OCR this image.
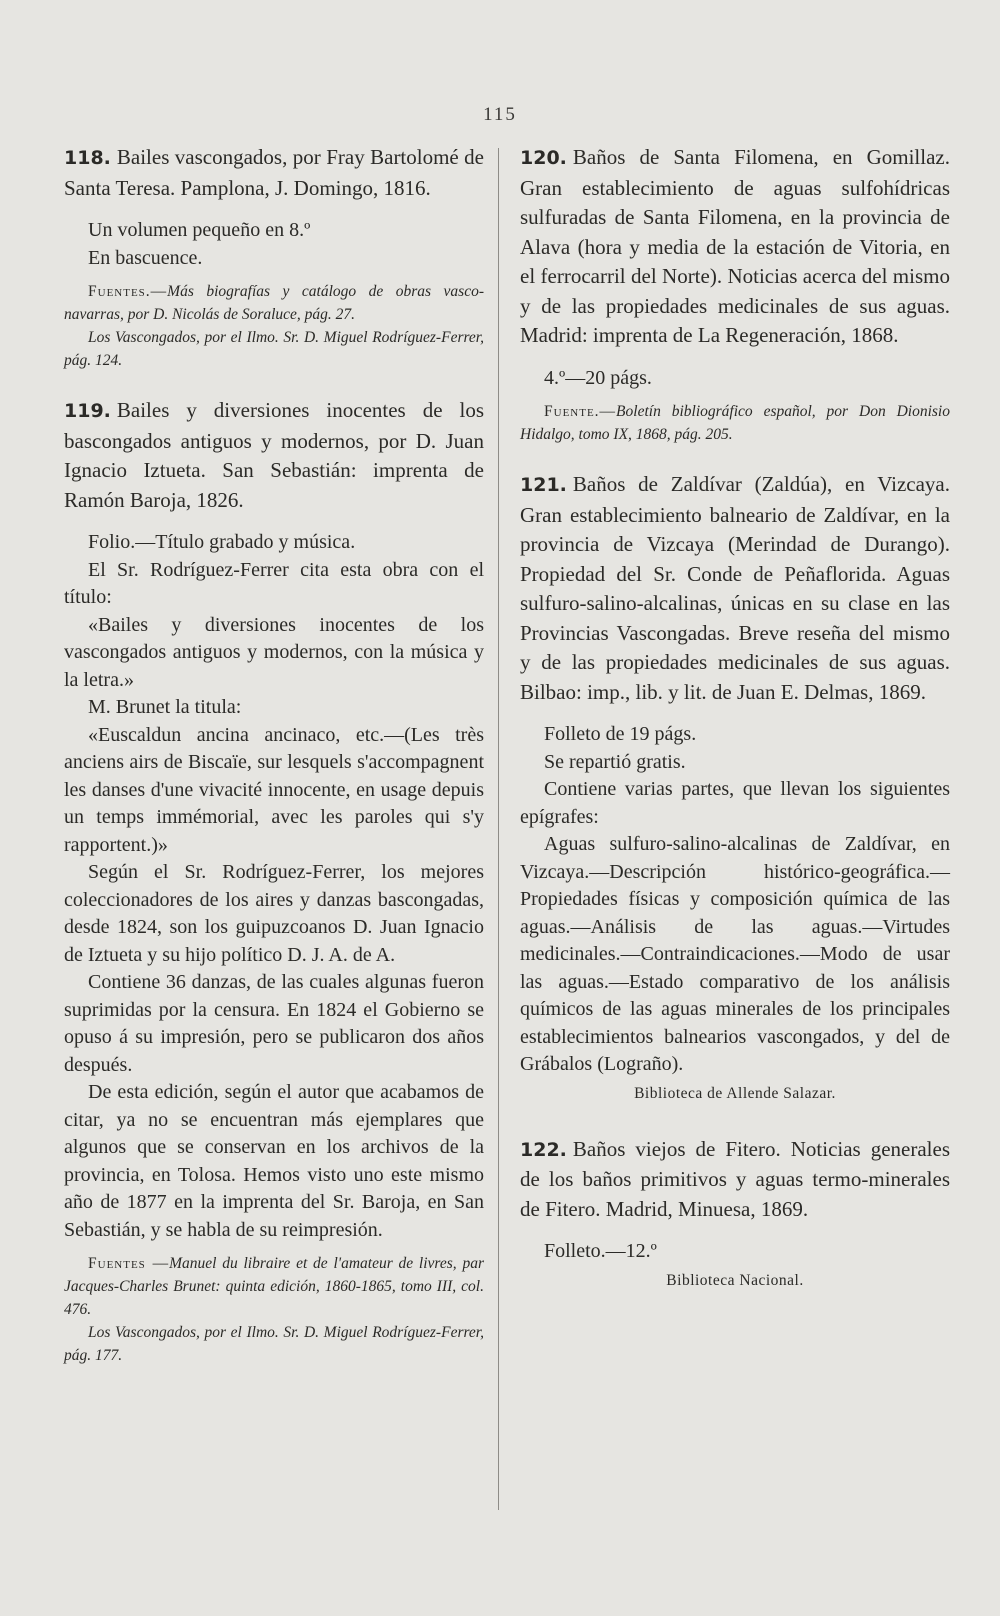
115

118. Bailes vascongados, por Fray Bartolomé de Santa Teresa. Pamplona, J. Domingo, 1816.

Un volumen pequeño en 8.º

En bascuence.

Fuentes.—Más biografías y catálogo de obras vasco-navarras, por D. Nicolás de Soraluce, pág. 27.

Los Vascongados, por el Ilmo. Sr. D. Miguel Rodríguez-Ferrer, pág. 124.

119. Bailes y diversiones inocentes de los bascongados antiguos y modernos, por D. Juan Ignacio Iztueta. San Sebastián: imprenta de Ramón Baroja, 1826.

Folio.—Título grabado y música.

El Sr. Rodríguez-Ferrer cita esta obra con el título:

«Bailes y diversiones inocentes de los vascongados antiguos y modernos, con la música y la letra.»

M. Brunet la titula:

«Euscaldun ancina ancinaco, etc.—(Les très anciens airs de Biscaïe, sur lesquels s'accompagnent les danses d'une vivacité innocente, en usage depuis un temps immémorial, avec les paroles qui s'y rapportent.)»

Según el Sr. Rodríguez-Ferrer, los mejores coleccionadores de los aires y danzas bascongadas, desde 1824, son los guipuzcoanos D. Juan Ignacio de Iztueta y su hijo político D. J. A. de A.

Contiene 36 danzas, de las cuales algunas fueron suprimidas por la censura. En 1824 el Gobierno se opuso á su impresión, pero se publicaron dos años después.

De esta edición, según el autor que acabamos de citar, ya no se encuentran más ejemplares que algunos que se conservan en los archivos de la provincia, en Tolosa. Hemos visto uno este mismo año de 1877 en la imprenta del Sr. Baroja, en San Sebastián, y se habla de su reimpresión.

Fuentes —Manuel du libraire et de l'amateur de livres, par Jacques-Charles Brunet: quinta edición, 1860-1865, tomo III, col. 476.

Los Vascongados, por el Ilmo. Sr. D. Miguel Rodríguez-Ferrer, pág. 177.

120. Baños de Santa Filomena, en Gomillaz. Gran establecimiento de aguas sulfohídricas sulfuradas de Santa Filomena, en la provincia de Alava (hora y media de la estación de Vitoria, en el ferrocarril del Norte). Noticias acerca del mismo y de las propiedades medicinales de sus aguas. Madrid: imprenta de La Regeneración, 1868.

4.º—20 págs.

Fuente.—Boletín bibliográfico español, por Don Dionisio Hidalgo, tomo IX, 1868, pág. 205.

121. Baños de Zaldívar (Zaldúa), en Vizcaya. Gran establecimiento balneario de Zaldívar, en la provincia de Vizcaya (Merindad de Durango). Propiedad del Sr. Conde de Peñaflorida. Aguas sulfuro-salino-alcalinas, únicas en su clase en las Provincias Vascongadas. Breve reseña del mismo y de las propiedades medicinales de sus aguas. Bilbao: imp., lib. y lit. de Juan E. Delmas, 1869.

Folleto de 19 págs.

Se repartió gratis.

Contiene varias partes, que llevan los siguientes epígrafes:

Aguas sulfuro-salino-alcalinas de Zaldívar, en Vizcaya.—Descripción histórico-geográfica.—Propiedades físicas y composición química de las aguas.—Análisis de las aguas.—Virtudes medicinales.—Contraindicaciones.—Modo de usar las aguas.—Estado comparativo de los análisis químicos de las aguas minerales de los principales establecimientos balnearios vascongados, y del de Grábalos (Lograño).

Biblioteca de Allende Salazar.

122. Baños viejos de Fitero. Noticias generales de los baños primitivos y aguas termo-minerales de Fitero. Madrid, Minuesa, 1869.

Folleto.—12.º

Biblioteca Nacional.
